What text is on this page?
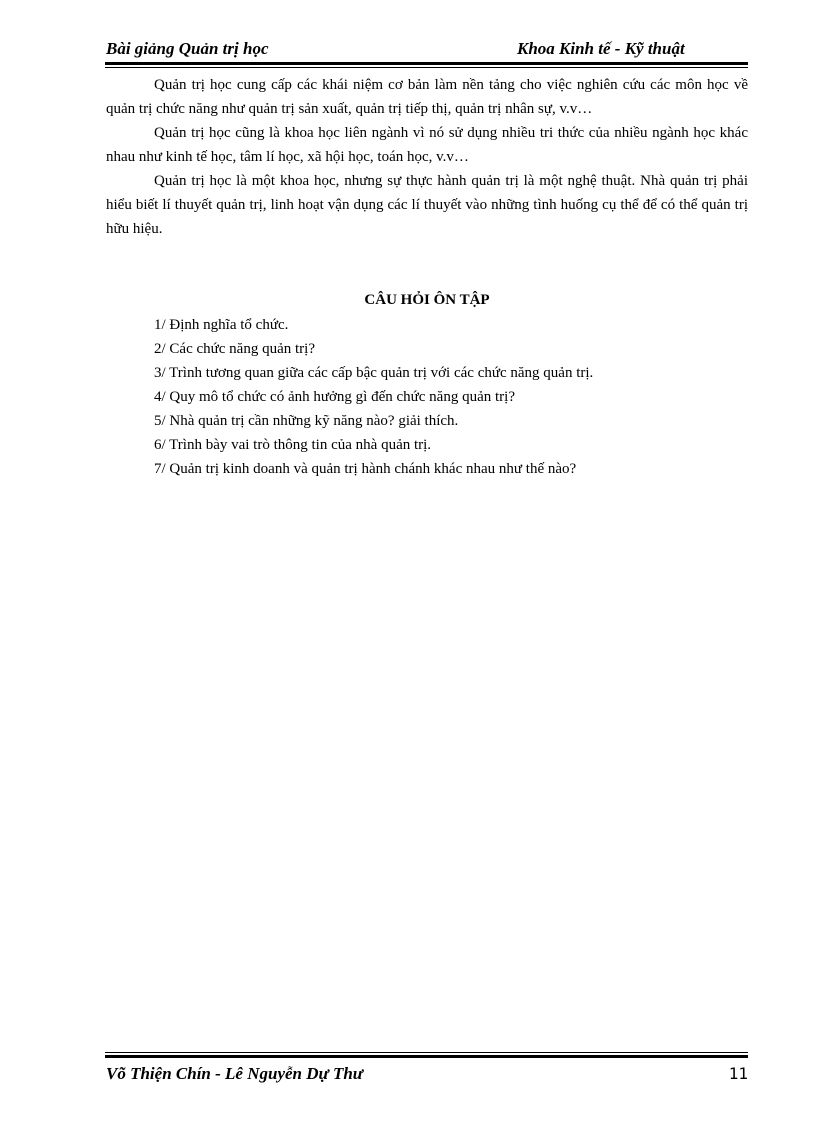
Bài giảng Quản trị học	Khoa Kinh tế - Kỹ thuật

Quản trị học cung cấp các khái niệm cơ bản làm nền tảng cho việc nghiên cứu các môn học về quản trị chức năng như quản trị sản xuất, quản trị tiếp thị, quản trị nhân sự, v.v…

Quản trị học cũng là khoa học liên ngành vì nó sử dụng nhiều tri thức của nhiều ngành học khác nhau như kinh tế học, tâm lí học, xã hội học, toán học, v.v…

Quản trị học là một khoa học, nhưng sự thực hành quản trị là một nghệ thuật. Nhà quản trị phải hiểu biết lí thuyết quản trị, linh hoạt vận dụng các lí thuyết vào những tình huống cụ thể để có thể quản trị hữu hiệu.

CÂU HỎI ÔN TẬP
1/ Định nghĩa tổ chức.
2/ Các chức năng quản trị?
3/ Trình tương quan giữa các cấp bậc quản trị với các chức năng quản trị.
4/ Quy mô tổ chức có ảnh hưởng gì đến chức năng quản trị?
5/ Nhà quản trị cần những kỹ năng nào? giải thích.
6/ Trình bày vai trò thông tin của nhà quản trị.
7/ Quản trị kinh doanh và quản trị hành chánh khác nhau như thế nào?
Võ Thiện Chín - Lê Nguyễn Dự Thư	11
